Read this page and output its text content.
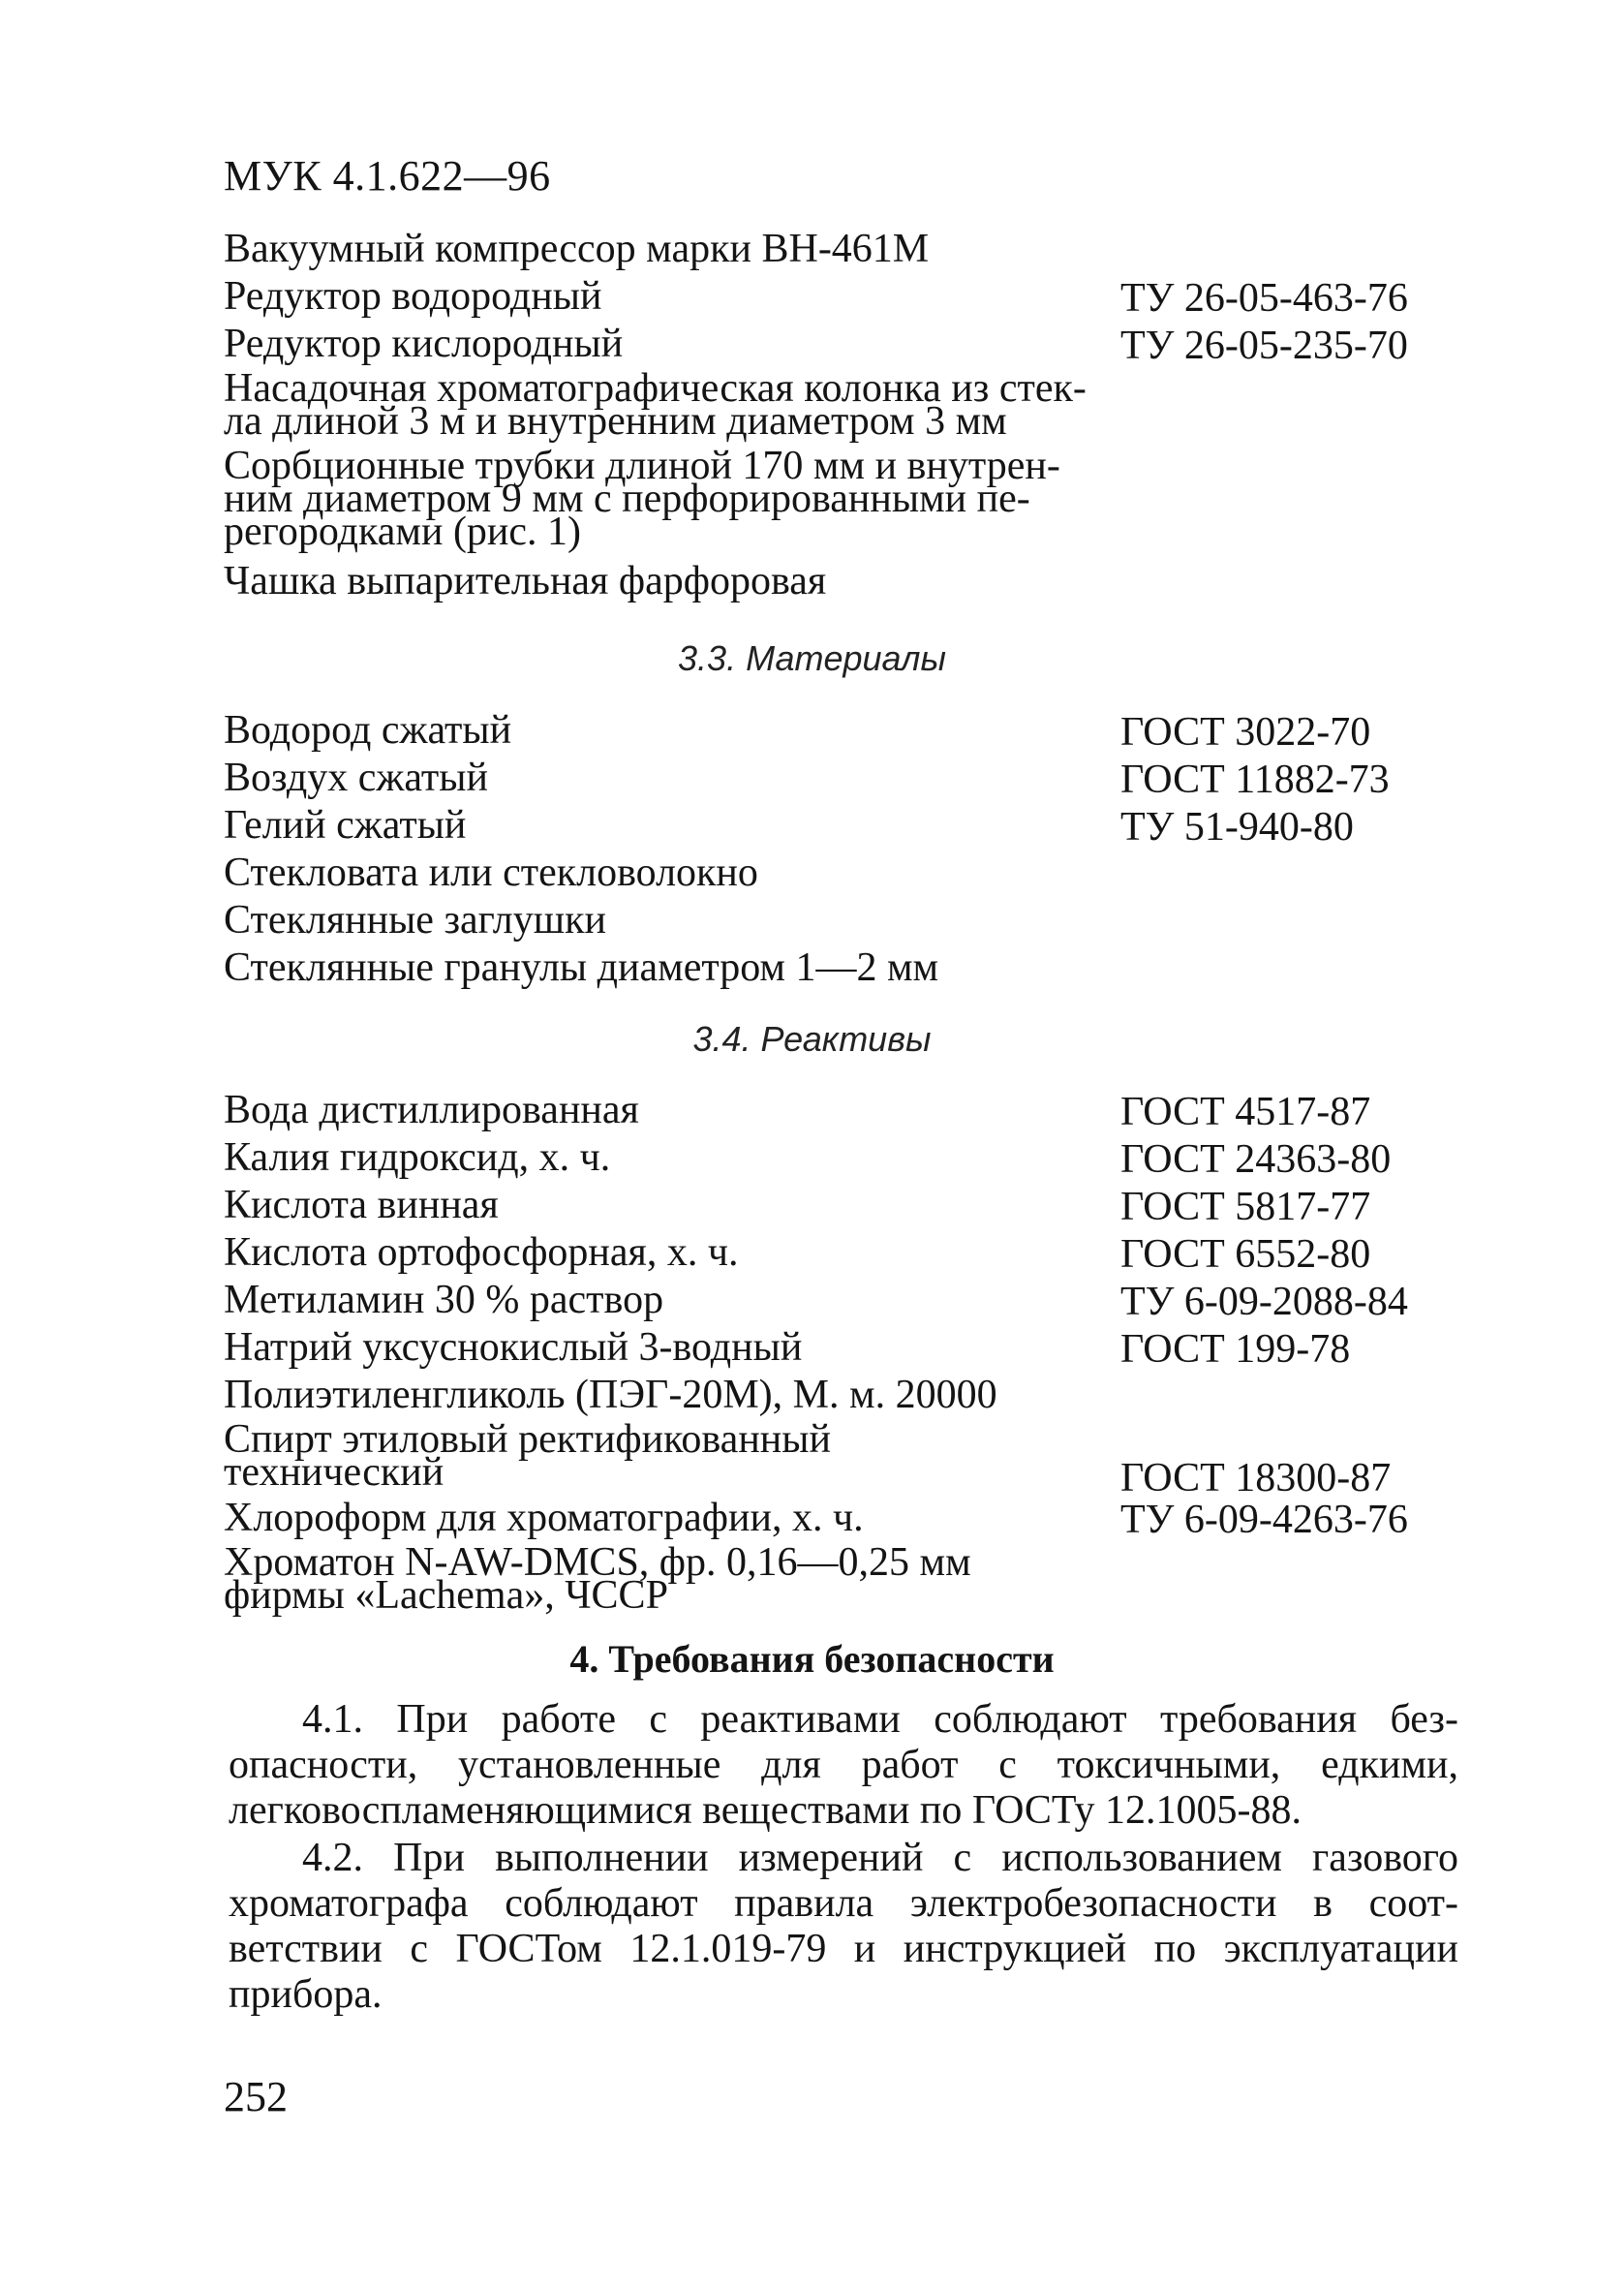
МУК 4.1.622—96
Вакуумный компрессор марки ВН-461М
Редуктор водородный	ТУ 26-05-463-76
Редуктор кислородный	ТУ 26-05-235-70
Насадочная хроматографическая колонка из стек-
ла длиной 3 м и внутренним диаметром 3 мм
Сорбционные трубки длиной 170 мм и внутрен-
ним диаметром 9 мм с перфорированными пе-
регородками (рис. 1)
Чашка выпарительная фарфоровая
3.3. Материалы
Водород сжатый	ГОСТ 3022-70
Воздух сжатый	ГОСТ 11882-73
Гелий сжатый	ТУ 51-940-80
Стекловата или стекловолокно
Стеклянные заглушки
Стеклянные гранулы диаметром 1—2 мм
3.4. Реактивы
Вода дистиллированная	ГОСТ 4517-87
Калия гидроксид, х. ч.	ГОСТ 24363-80
Кислота винная	ГОСТ 5817-77
Кислота ортофосфорная, х. ч.	ГОСТ 6552-80
Метиламин 30 % раствор	ТУ 6-09-2088-84
Натрий уксуснокислый 3-водный	ГОСТ 199-78
Полиэтиленгликоль (ПЭГ-20М), М. м. 20000
Спирт этиловый ректификованный
технический	ГОСТ 18300-87
Хлороформ для хроматографии, х. ч.	ТУ 6-09-4263-76
Хроматон N-AW-DMCS, фр. 0,16—0,25 мм
фирмы «Lachema», ЧССР
4. Требования безопасности

4.1. При работе с реактивами соблюдают требования без-опасности, установленные для работ с токсичными, едкими, легковоспламеняющимися веществами по ГОСТу 12.1005-88.

4.2. При выполнении измерений с использованием газового хроматографа соблюдают правила электробезопасности в соот-ветствии с ГОСТом 12.1.019-79 и инструкцией по эксплуатации прибора.

252
